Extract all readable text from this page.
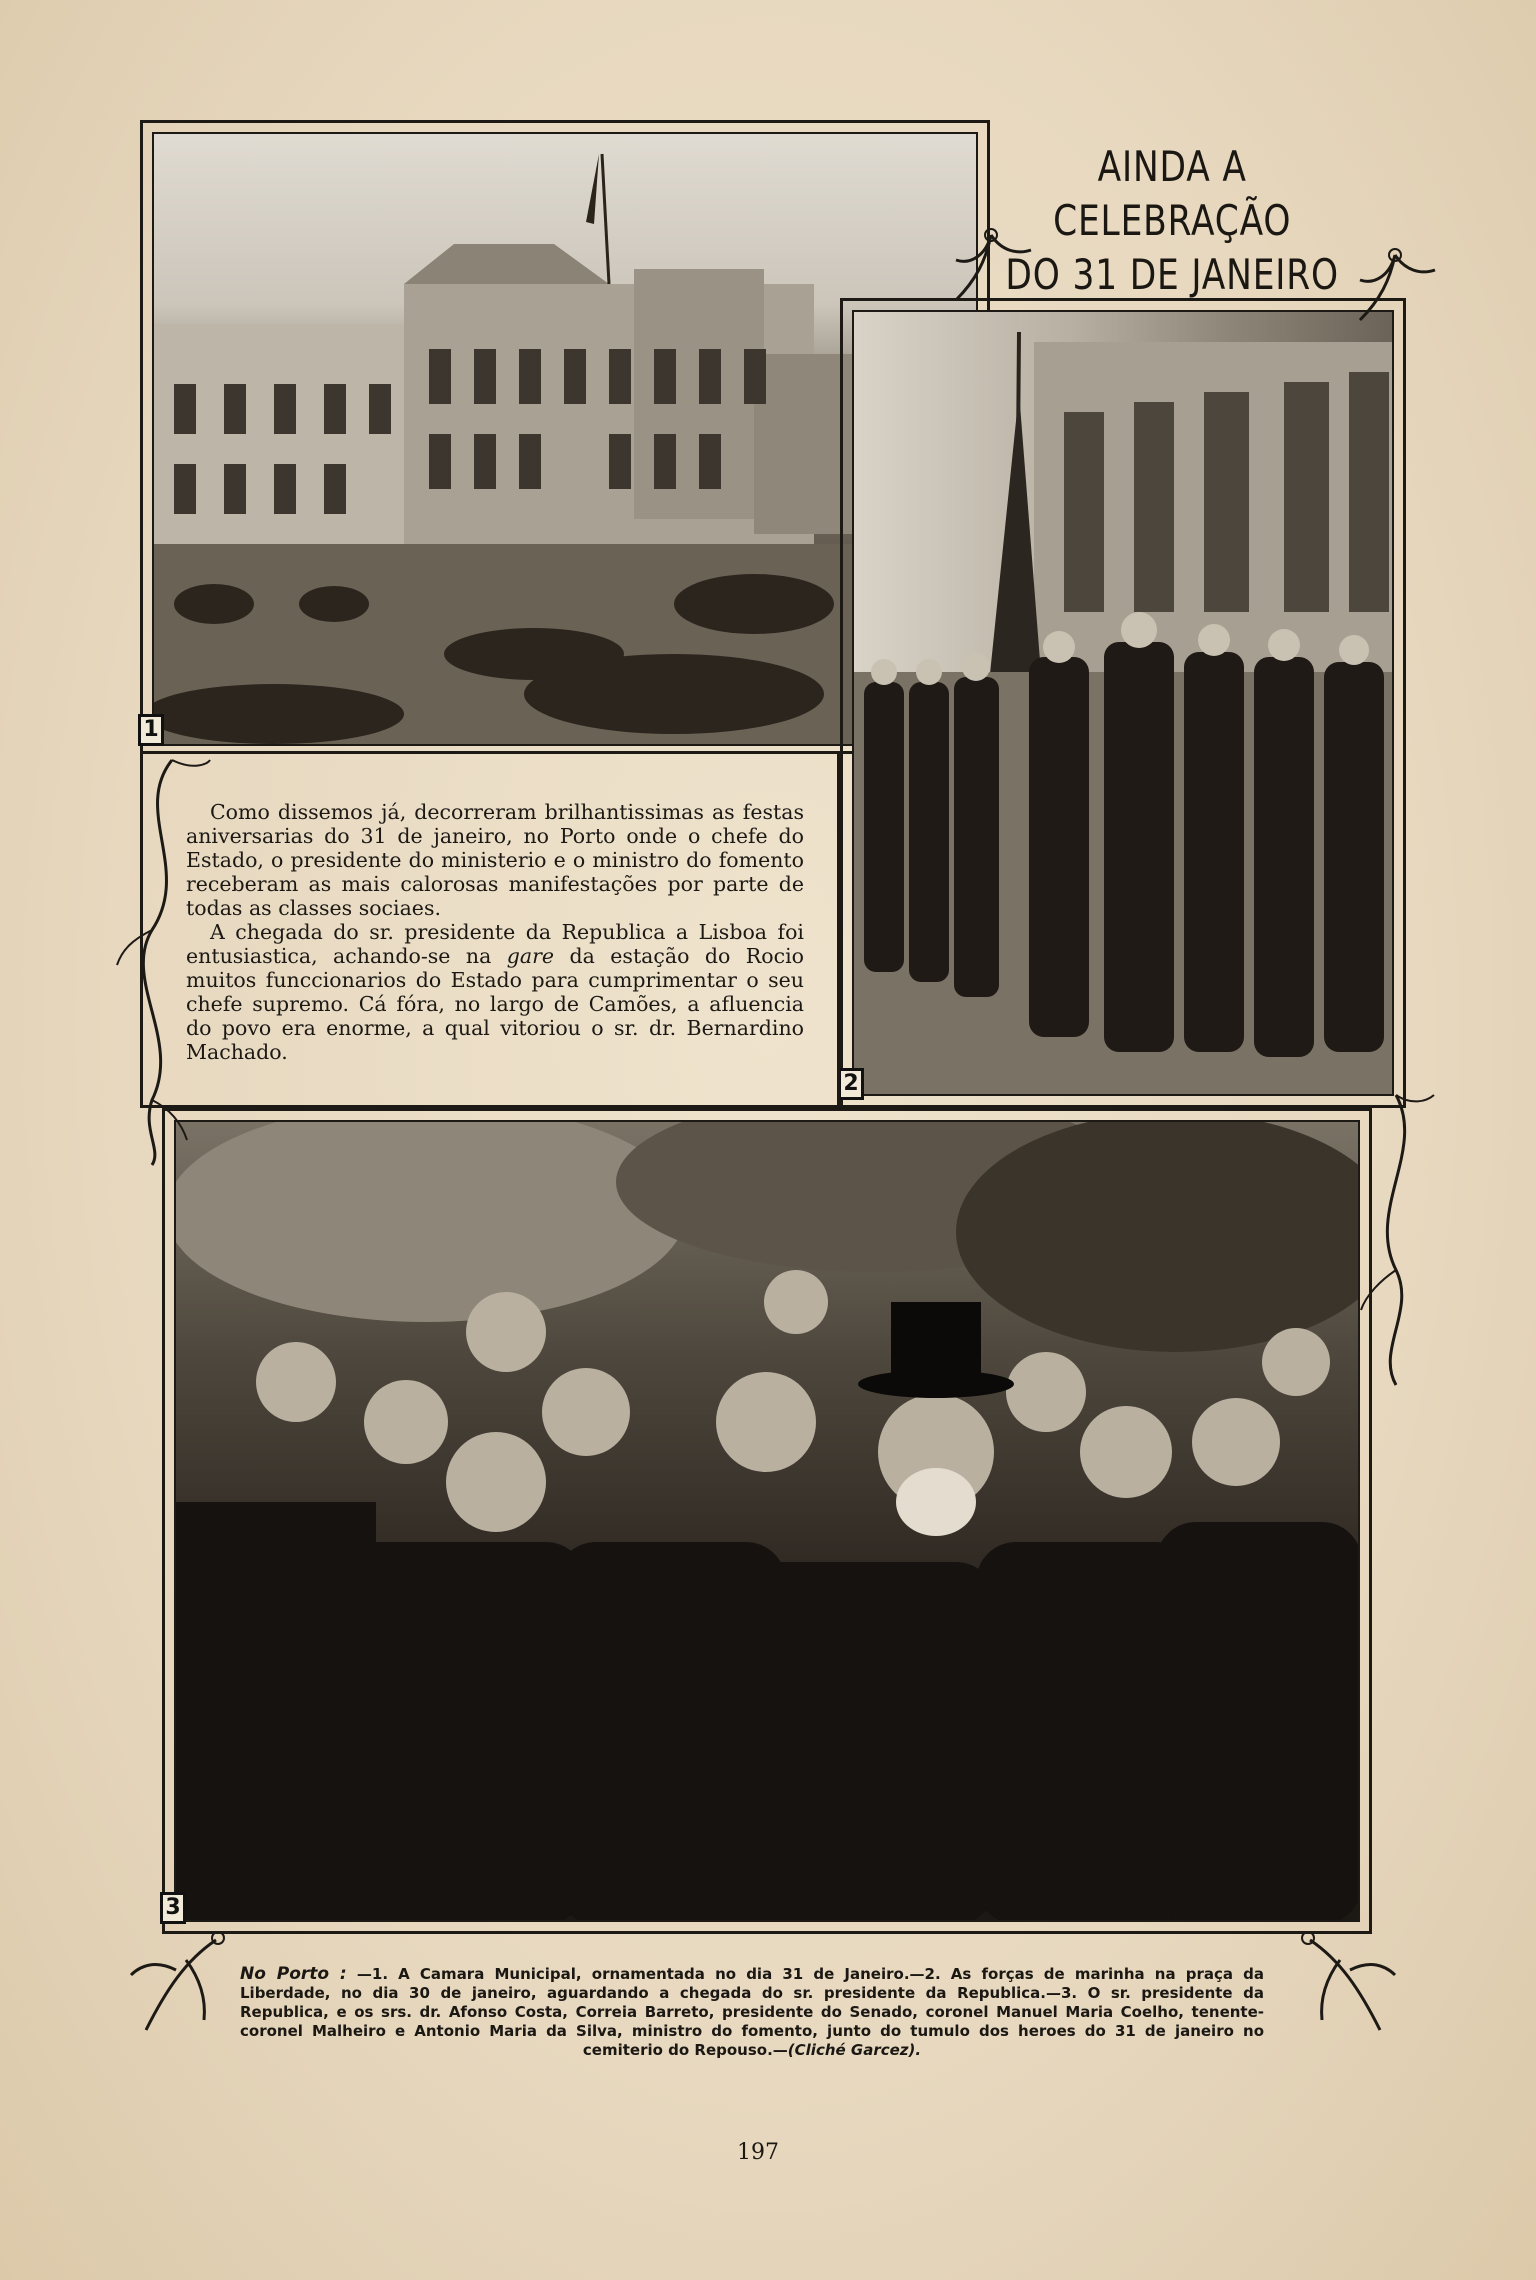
AINDA A CELEBRAÇÃO
DO 31 DE JANEIRO
1
2

Como dissemos já, decorreram brilhantissimas as festas aniversarias do 31 de janeiro, no Porto onde o chefe do Estado, o presidente do ministerio e o ministro do fomento receberam as mais calorosas manifestações por parte de todas as classes sociaes.

A chegada do sr. presidente da Republica a Lisboa foi entusiastica, achando-se na gare da estação do Rocio muitos funccionarios do Estado para cumprimentar o seu chefe supremo. Cá fóra, no largo de Camões, a afluencia do povo era enorme, a qual vitoriou o sr. dr. Bernardino Machado.

3
No Porto : —1. A Camara Municipal, ornamentada no dia 31 de Janeiro.—2. As forças de marinha na praça da Liberdade, no dia 30 de janeiro, aguardando a chegada do sr. presidente da Republica.—3. O sr. presidente da Republica, e os srs. dr. Afonso Costa, Correia Barreto, presidente do Senado, coronel Manuel Maria Coelho, tenente-coronel Malheiro e Antonio Maria da Silva, ministro do fomento, junto do tumulo dos heroes do 31 de janeiro no cemiterio do Repouso.—(Cliché Garcez).
197
